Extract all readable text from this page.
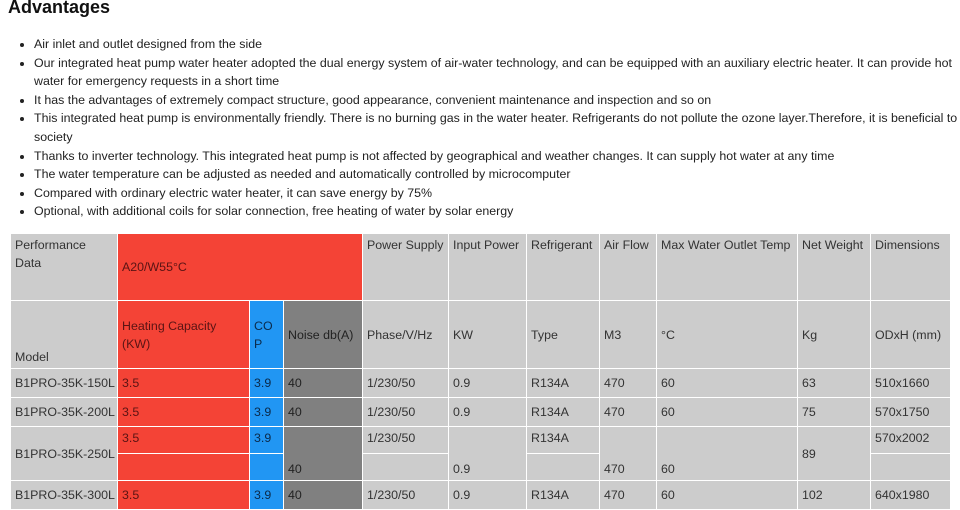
Advantages
• Air inlet and outlet designed from the side
• Our integrated heat pump water heater adopted the dual energy system of air-water technology, and can be equipped with an auxiliary electric heater. It can provide hot water for emergency requests in a short time
• It has the advantages of extremely compact structure, good appearance, convenient maintenance and inspection and so on
• This integrated heat pump is environmentally friendly. There is no burning gas in the water heater. Refrigerants do not pollute the ozone layer.Therefore, it is beneficial to society
• Thanks to inverter technology. This integrated heat pump is not affected by geographical and weather changes. It can supply hot water at any time
• The water temperature can be adjusted as needed and automatically controlled by microcomputer
• Compared with ordinary electric water heater, it can save energy by 75%
• Optional, with additional coils for solar connection, free heating of water by solar energy
Performance Data	A20/W55°C			Power Supply	Input Power	Refrigerant	Air Flow	Max Water Outlet Temp	Net Weight	Dimensions
Model	Heating Capacity (KW)	COP	Noise db(A)	Phase/V/Hz	KW	Type	M3	°C	Kg	ODxH (mm)
B1PRO-35K-150L	3.5	3.9	40	1/230/50	0.9	R134A	470	60	63	510x1660
B1PRO-35K-200L	3.5	3.9	40	1/230/50	0.9	R134A	470	60	75	570x1750
B1PRO-35K-250L	3.5	3.9	40	1/230/50	0.9	R134A	470	60	89	570x2002

B1PRO-35K-300L	3.5	3.9	40	1/230/50	0.9	R134A	470	60	102	640x1980
